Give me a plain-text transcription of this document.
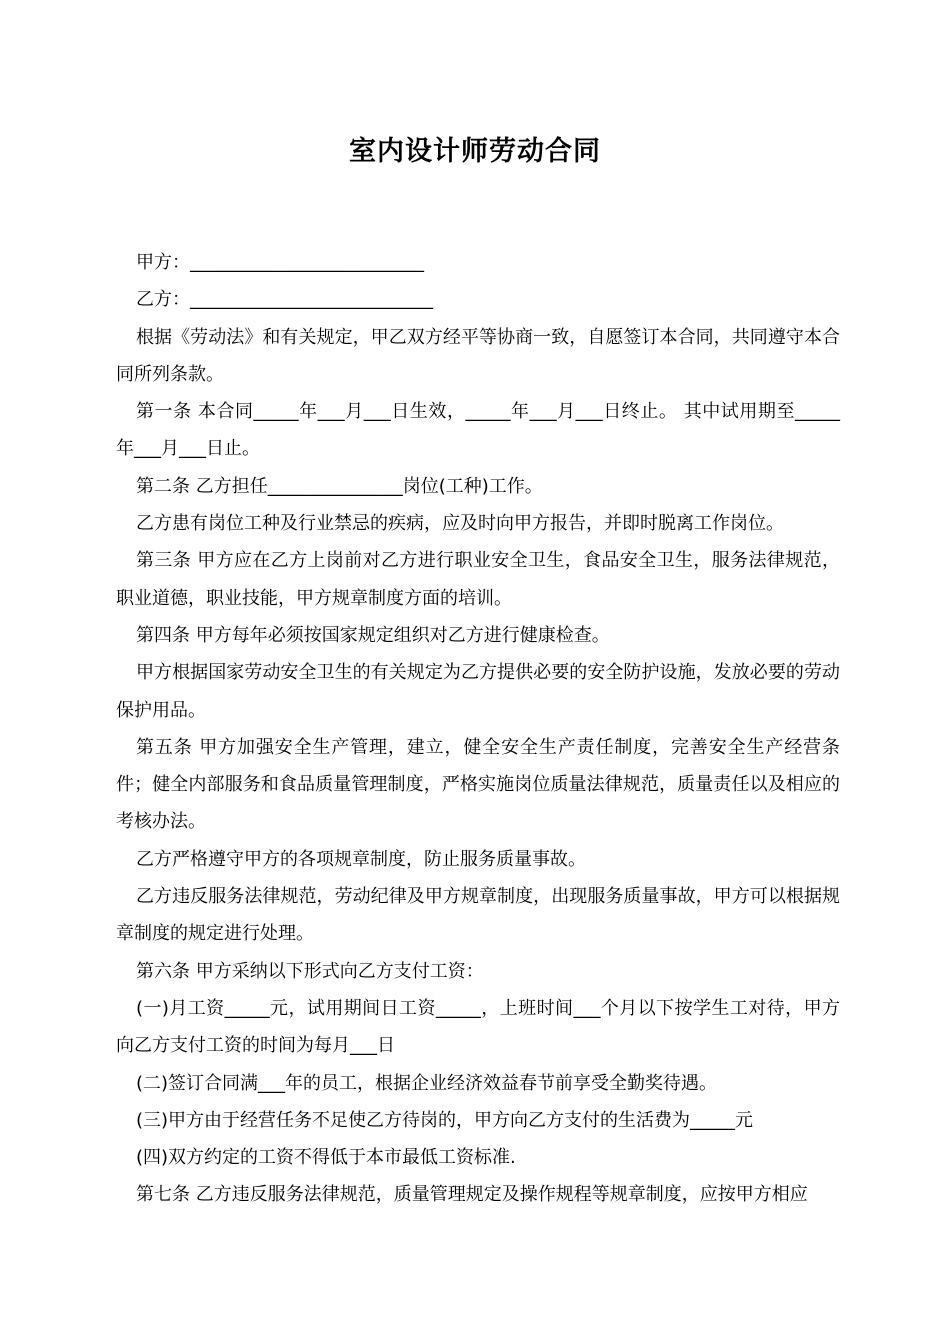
室内设计师劳动合同

甲方：__________________________

乙方：___________________________

根据《劳动法》和有关规定，甲乙双方经平等协商一致，自愿签订本合同，共同遵守本合同所列条款。

第一条 本合同_____年___月___日生效，_____年___月___日终止。 其中试用期至_____年___月___日止。

第二条 乙方担任_______________岗位(工种)工作。

乙方患有岗位工种及行业禁忌的疾病，应及时向甲方报告，并即时脱离工作岗位。

第三条 甲方应在乙方上岗前对乙方进行职业安全卫生，食品安全卫生，服务法律规范，职业道德，职业技能，甲方规章制度方面的培训。

第四条 甲方每年必须按国家规定组织对乙方进行健康检查。

甲方根据国家劳动安全卫生的有关规定为乙方提供必要的安全防护设施，发放必要的劳动保护用品。

第五条 甲方加强安全生产管理，建立，健全安全生产责任制度，完善安全生产经营条件；健全内部服务和食品质量管理制度，严格实施岗位质量法律规范，质量责任以及相应的考核办法。

乙方严格遵守甲方的各项规章制度，防止服务质量事故。

乙方违反服务法律规范，劳动纪律及甲方规章制度，出现服务质量事故，甲方可以根据规章制度的规定进行处理。

第六条 甲方采纳以下形式向乙方支付工资：

(一)月工资_____元，试用期间日工资_____，上班时间___个月以下按学生工对待，甲方向乙方支付工资的时间为每月___日

(二)签订合同满___年的员工，根据企业经济效益春节前享受全勤奖待遇。

(三)甲方由于经营任务不足使乙方待岗的，甲方向乙方支付的生活费为_____元

(四)双方约定的工资不得低于本市最低工资标准.

第七条 乙方违反服务法律规范，质量管理规定及操作规程等规章制度，应按甲方相应
